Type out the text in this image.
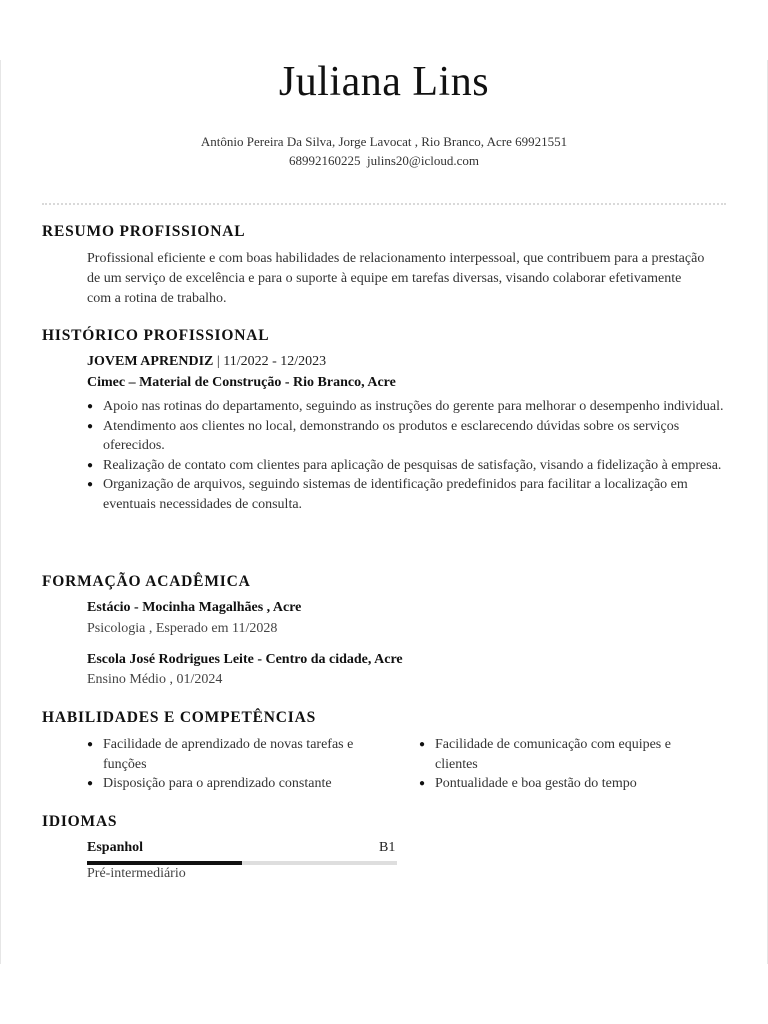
Juliana Lins
Antônio Pereira Da Silva, Jorge Lavocat , Rio Branco, Acre 69921551
68992160225 julins20@icloud.com
RESUMO PROFISSIONAL
Profissional eficiente e com boas habilidades de relacionamento interpessoal, que contribuem para a prestação de um serviço de excelência e para o suporte à equipe em tarefas diversas, visando colaborar efetivamente com a rotina de trabalho.
HISTÓRICO PROFISSIONAL
JOVEM APRENDIZ | 11/2022 - 12/2023
Cimec – Material de Construção - Rio Branco, Acre
● Apoio nas rotinas do departamento, seguindo as instruções do gerente para melhorar o desempenho individual.
● Atendimento aos clientes no local, demonstrando os produtos e esclarecendo dúvidas sobre os serviços oferecidos.
● Realização de contato com clientes para aplicação de pesquisas de satisfação, visando a fidelização à empresa.
● Organização de arquivos, seguindo sistemas de identificação predefinidos para facilitar a localização em eventuais necessidades de consulta.
FORMAÇÃO ACADÊMICA
Estácio - Mocinha Magalhães , Acre
Psicologia , Esperado em 11/2028
Escola José Rodrigues Leite - Centro da cidade, Acre
Ensino Médio , 01/2024
HABILIDADES E COMPETÊNCIAS
● Facilidade de aprendizado de novas tarefas e funções
● Disposição para o aprendizado constante
● Facilidade de comunicação com equipes e clientes
● Pontualidade e boa gestão do tempo
IDIOMAS
Espanhol	B1
Pré-intermediário
